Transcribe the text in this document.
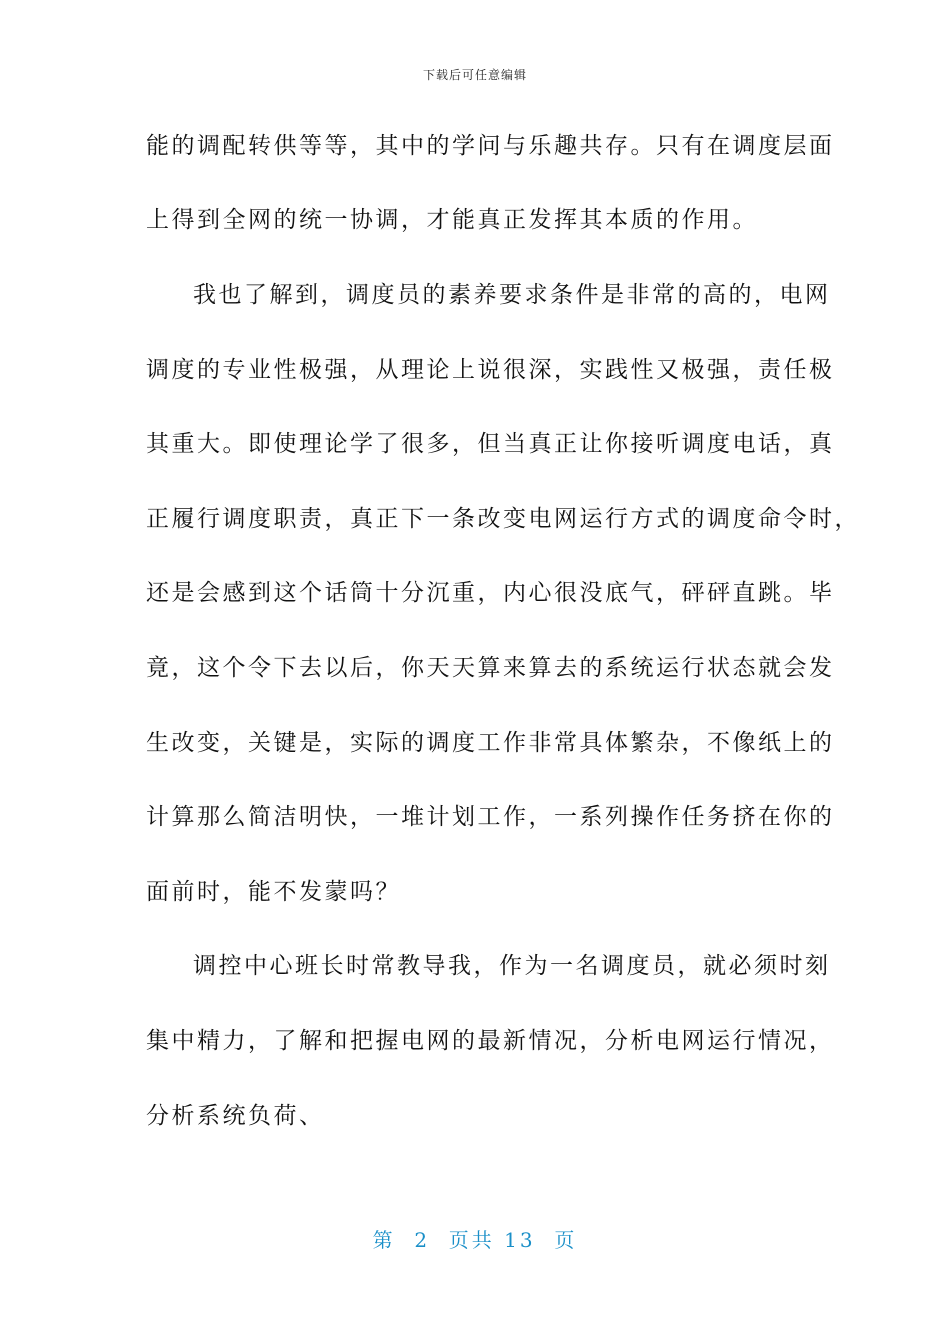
下载后可任意编辑
能的调配转供等等，其中的学问与乐趣共存。只有在调度层面
上得到全网的统一协调，才能真正发挥其本质的作用。
我也了解到，调度员的素养要求条件是非常的高的，电网
调度的专业性极强，从理论上说很深，实践性又极强，责任极
其重大。即使理论学了很多，但当真正让你接听调度电话，真
正履行调度职责，真正下一条改变电网运行方式的调度命令时，
还是会感到这个话筒十分沉重，内心很没底气，砰砰直跳。毕
竟，这个令下去以后，你天天算来算去的系统运行状态就会发
生改变，关键是，实际的调度工作非常具体繁杂，不像纸上的
计算那么简洁明快，一堆计划工作，一系列操作任务挤在你的
面前时，能不发蒙吗？
调控中心班长时常教导我，作为一名调度员，就必须时刻
集中精力，了解和把握电网的最新情况，分析电网运行情况，
分析系统负荷、
第  2  页共 13  页
